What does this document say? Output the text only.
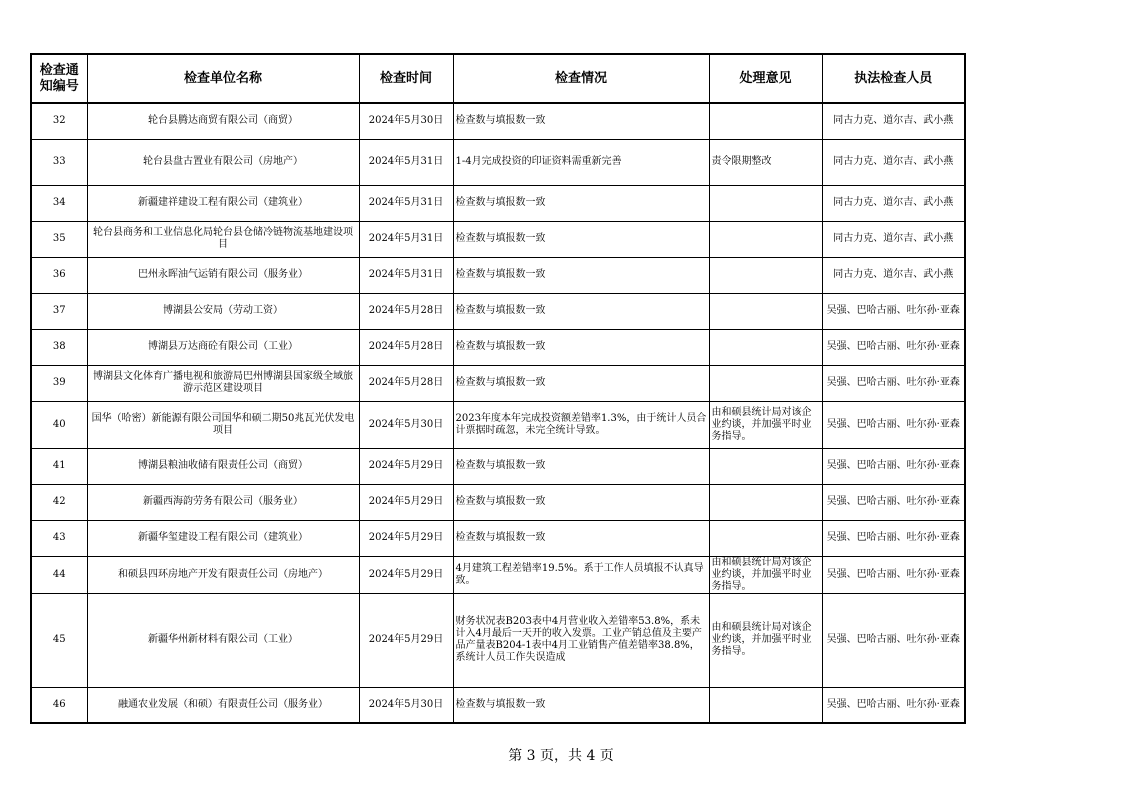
检查通知编号	检查单位名称	检查时间	检查情况	处理意见	执法检查人员
32	轮台县腾达商贸有限公司（商贸）	2024年5月30日	检查数与填报数一致		同古力克、道尔吉、武小燕
33	轮台县盘古置业有限公司（房地产）	2024年5月31日	1-4月完成投资的印证资料需重新完善	责令限期整改	同古力克、道尔吉、武小燕
34	新疆建祥建设工程有限公司（建筑业）	2024年5月31日	检查数与填报数一致		同古力克、道尔吉、武小燕
35	轮台县商务和工业信息化局轮台县仓储冷链物流基地建设项目	2024年5月31日	检查数与填报数一致		同古力克、道尔吉、武小燕
36	巴州永晖油气运销有限公司（服务业）	2024年5月31日	检查数与填报数一致		同古力克、道尔吉、武小燕
37	博湖县公安局（劳动工资）	2024年5月28日	检查数与填报数一致		吴强、巴哈古丽、吐尔孙·亚森
38	博湖县万达商砼有限公司（工业）	2024年5月28日	检查数与填报数一致		吴强、巴哈古丽、吐尔孙·亚森
39	博湖县文化体育广播电视和旅游局巴州博湖县国家级全域旅游示范区建设项目	2024年5月28日	检查数与填报数一致		吴强、巴哈古丽、吐尔孙·亚森
40	国华（哈密）新能源有限公司国华和硕二期50兆瓦光伏发电项目	2024年5月30日	2023年度本年完成投资额差错率1.3%，由于统计人员合计票据时疏忽，未完全统计导致。	由和硕县统计局对该企业约谈，并加强平时业务指导。	吴强、巴哈古丽、吐尔孙·亚森
41	博湖县粮油收储有限责任公司（商贸）	2024年5月29日	检查数与填报数一致		吴强、巴哈古丽、吐尔孙·亚森
42	新疆西海韵劳务有限公司（服务业）	2024年5月29日	检查数与填报数一致		吴强、巴哈古丽、吐尔孙·亚森
43	新疆华玺建设工程有限公司（建筑业）	2024年5月29日	检查数与填报数一致		吴强、巴哈古丽、吐尔孙·亚森
44	和硕县四环房地产开发有限责任公司（房地产）	2024年5月29日	4月建筑工程差错率19.5%。系于工作人员填报不认真导致。	由和硕县统计局对该企业约谈，并加强平时业务指导。	吴强、巴哈古丽、吐尔孙·亚森
45	新疆华州新材料有限公司（工业）	2024年5月29日	财务状况表B203表中4月营业收入差错率53.8%，系未计入4月最后一天开的收入发票。工业产销总值及主要产品产量表B204-1表中4月工业销售产值差错率38.8%，系统计人员工作失误造成	由和硕县统计局对该企业约谈，并加强平时业务指导。	吴强、巴哈古丽、吐尔孙·亚森
46	融通农业发展（和硕）有限责任公司（服务业）	2024年5月30日	检查数与填报数一致		吴强、巴哈古丽、吐尔孙·亚森
第 3 页，共 4 页
